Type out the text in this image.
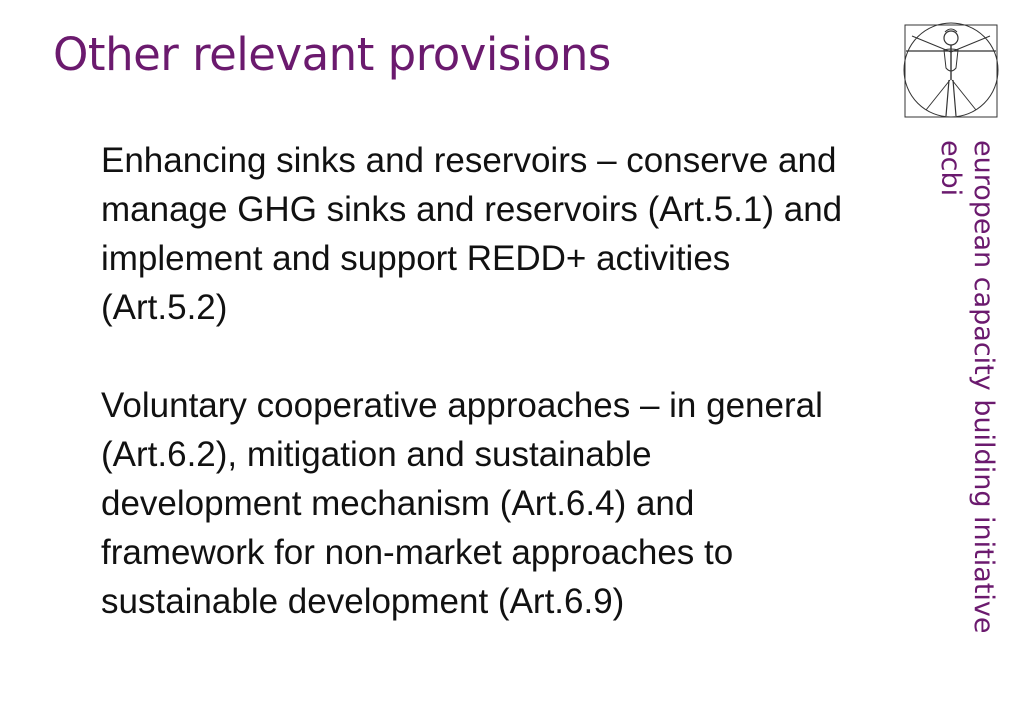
Other relevant provisions
Enhancing sinks and reservoirs – conserve and manage GHG sinks and reservoirs (Art.5.1) and implement and support REDD+ activities (Art.5.2)
Voluntary cooperative approaches – in general (Art.6.2), mitigation and sustainable development mechanism (Art.6.4) and framework for non-market approaches to sustainable development (Art.6.9)	european capacity building initiative
ecbi
